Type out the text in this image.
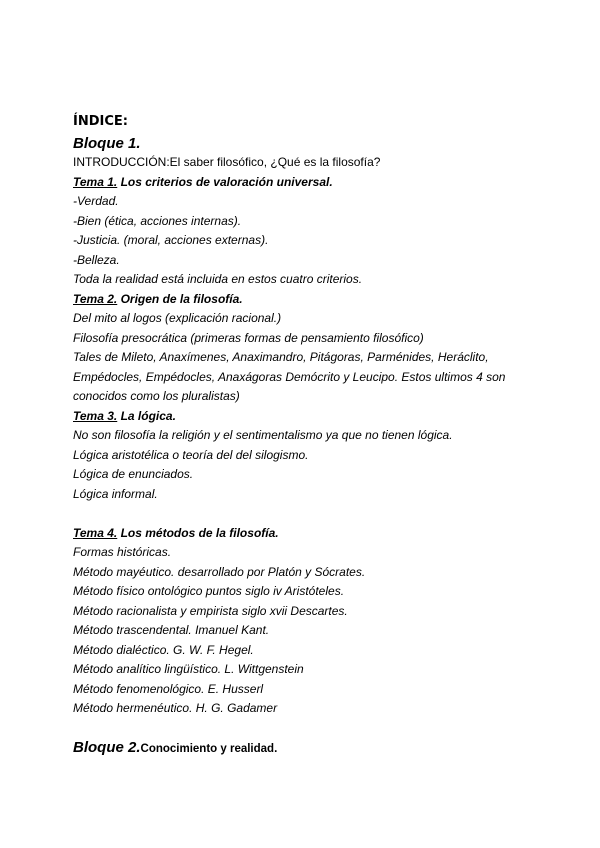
ÍNDICE:
Bloque 1.
INTRODUCCIÓN:El saber filosófico, ¿Qué es la filosofía?
Tema 1. Los criterios de valoración universal.
-Verdad.
-Bien (ética, acciones internas).
-Justicia. (moral, acciones externas).
-Belleza.
Toda la realidad está incluida en estos cuatro criterios.
Tema 2. Origen de la filosofía.
Del mito al logos (explicación racional.)
Filosofía presocrática (primeras formas de pensamiento filosófico)
Tales de Mileto, Anaxímenes, Anaximandro, Pitágoras, Parménides, Heráclito,
Empédocles, Empédocles, Anaxágoras Demócrito y Leucipo. Estos ultimos 4 son
conocidos como los pluralistas)
Tema 3. La lógica.
No son filosofía la religión y el sentimentalismo ya que no tienen lógica.
Lógica aristotélica o teoría del del silogismo.
Lógica de enunciados.
Lógica informal.
Tema 4. Los métodos de la filosofía.
Formas históricas.
Método mayéutico. desarrollado por Platón y Sócrates.
Método físico ontológico puntos siglo iv Aristóteles.
Método racionalista y empirista siglo xvii Descartes.
Método trascendental. Imanuel Kant.
Método dialéctico. G. W. F. Hegel.
Método analítico lingüístico. L. Wittgenstein
Método fenomenológico. E. Husserl
Método hermenéutico. H. G. Gadamer
Bloque 2.Conocimiento y realidad.
